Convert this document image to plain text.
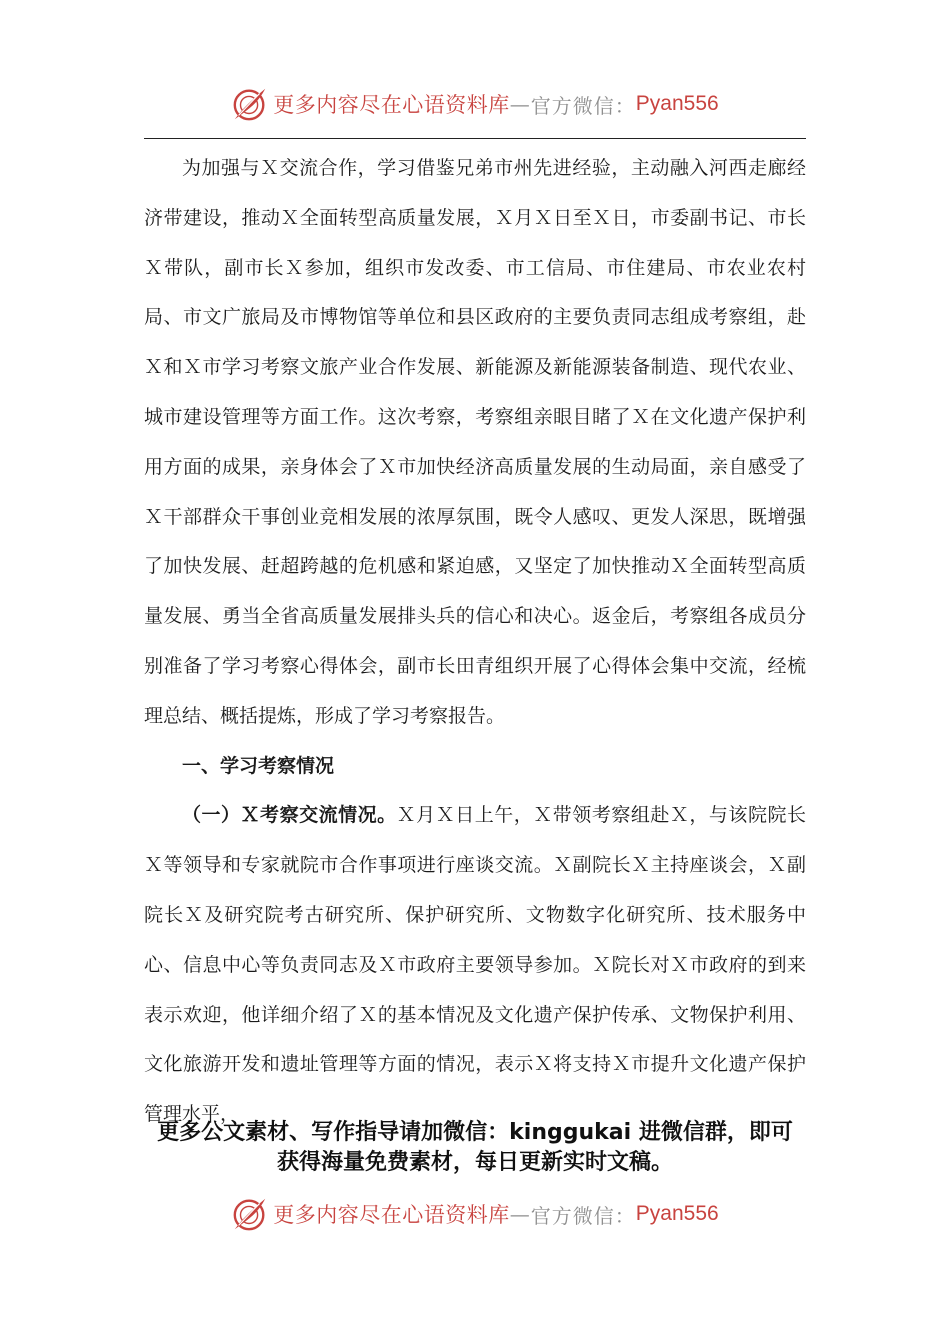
更多内容尽在心语资料库 — 官方微信： Pyan556

为加强与Ｘ交流合作，学习借鉴兄弟市州先进经验，主动融入河西走廊经济带建设，推动Ｘ全面转型高质量发展，Ｘ月Ｘ日至Ｘ日，市委副书记、市长Ｘ带队，副市长Ｘ参加，组织市发改委、市工信局、市住建局、市农业农村局、市文广旅局及市博物馆等单位和县区政府的主要负责同志组成考察组，赴Ｘ和Ｘ市学习考察文旅产业合作发展、新能源及新能源装备制造、现代农业、城市建设管理等方面工作。这次考察，考察组亲眼目睹了Ｘ在文化遗产保护利用方面的成果，亲身体会了Ｘ市加快经济高质量发展的生动局面，亲自感受了Ｘ干部群众干事创业竞相发展的浓厚氛围，既令人感叹、更发人深思，既增强了加快发展、赶超跨越的危机感和紧迫感，又坚定了加快推动Ｘ全面转型高质量发展、勇当全省高质量发展排头兵的信心和决心。返金后，考察组各成员分别准备了学习考察心得体会，副市长田青组织开展了心得体会集中交流，经梳理总结、概括提炼，形成了学习考察报告。

一、学习考察情况

（一）Ｘ考察交流情况。Ｘ月Ｘ日上午，Ｘ带领考察组赴Ｘ，与该院院长Ｘ等领导和专家就院市合作事项进行座谈交流。Ｘ副院长Ｘ主持座谈会，Ｘ副院长Ｘ及研究院考古研究所、保护研究所、文物数字化研究所、技术服务中心、信息中心等负责同志及Ｘ市政府主要领导参加。Ｘ院长对Ｘ市政府的到来表示欢迎，他详细介绍了Ｘ的基本情况及文化遗产保护传承、文物保护利用、文化旅游开发和遗址管理等方面的情况，表示Ｘ将支持Ｘ市提升文化遗产保护管理水平，

更多公文素材、写作指导请加微信：kinggukai 进微信群，即可
获得海量免费素材，每日更新实时文稿。
更多内容尽在心语资料库 — 官方微信： Pyan556
